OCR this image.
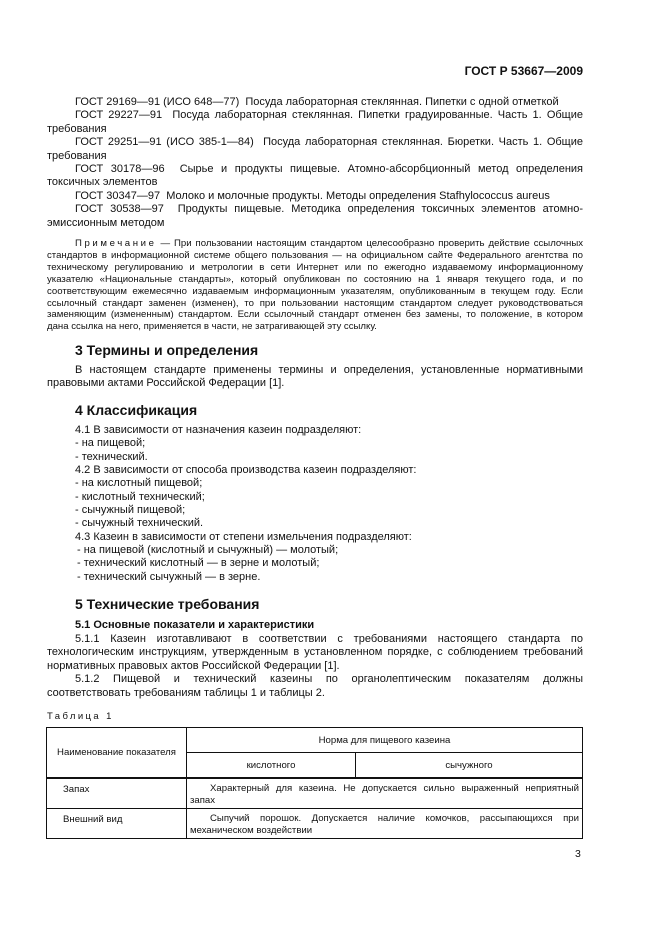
ГОСТ Р 53667—2009

ГОСТ 29169—91 (ИСО 648—77) Посуда лабораторная стеклянная. Пипетки с одной отметкой

ГОСТ 29227—91 Посуда лабораторная стеклянная. Пипетки градуированные. Часть 1. Общие требования

ГОСТ 29251—91 (ИСО 385-1—84) Посуда лабораторная стеклянная. Бюретки. Часть 1. Общие требования

ГОСТ 30178—96 Сырье и продукты пищевые. Атомно-абсорбционный метод определения токсичных элементов

ГОСТ 30347—97 Молоко и молочные продукты. Методы определения Stafhylococcus aureus

ГОСТ 30538—97 Продукты пищевые. Методика определения токсичных элементов атомно-эмиссионным методом

Примечание — При пользовании настоящим стандартом целесообразно проверить действие ссылочных стандартов в информационной системе общего пользования — на официальном сайте Федерального агентства по техническому регулированию и метрологии в сети Интернет или по ежегодно издаваемому информационному указателю «Национальные стандарты», который опубликован по состоянию на 1 января текущего года, и по соответствующим ежемесячно издаваемым информационным указателям, опубликованным в текущем году. Если ссылочный стандарт заменен (изменен), то при пользовании настоящим стандартом следует руководствоваться заменяющим (измененным) стандартом. Если ссылочный стандарт отменен без замены, то положение, в котором дана ссылка на него, применяется в части, не затрагивающей эту ссылку.

3 Термины и определения

В настоящем стандарте применены термины и определения, установленные нормативными правовыми актами Российской Федерации [1].

4 Классификация
4.1 В зависимости от назначения казеин подразделяют:
- на пищевой;
- технический.
4.2 В зависимости от способа производства казеин подразделяют:
- на кислотный пищевой;
- кислотный технический;
- сычужный пищевой;
- сычужный технический.
4.3 Казеин в зависимости от степени измельчения подразделяют:
- на пищевой (кислотный и сычужный) — молотый;
- технический кислотный — в зерне и молотый;
- технический сычужный — в зерне.
5 Технические требования
5.1 Основные показатели и характеристики

5.1.1 Казеин изготавливают в соответствии с требованиями настоящего стандарта по технологическим инструкциям, утвержденным в установленном порядке, с соблюдением требований нормативных правовых актов Российской Федерации [1].

5.1.2 Пищевой и технический казеины по органолептическим показателям должны соответствовать требованиям таблицы 1 и таблицы 2.

Таблица 1
Наименование показателя	Норма для пищевого казеина	
	кислотного	сычужного
Запах	Характерный для казеина. Не допускается сильно выраженный неприятный запах	
Внешний вид	Сыпучий порошок. Допускается наличие комочков, рассыпающихся при механическом воздействии	
3
